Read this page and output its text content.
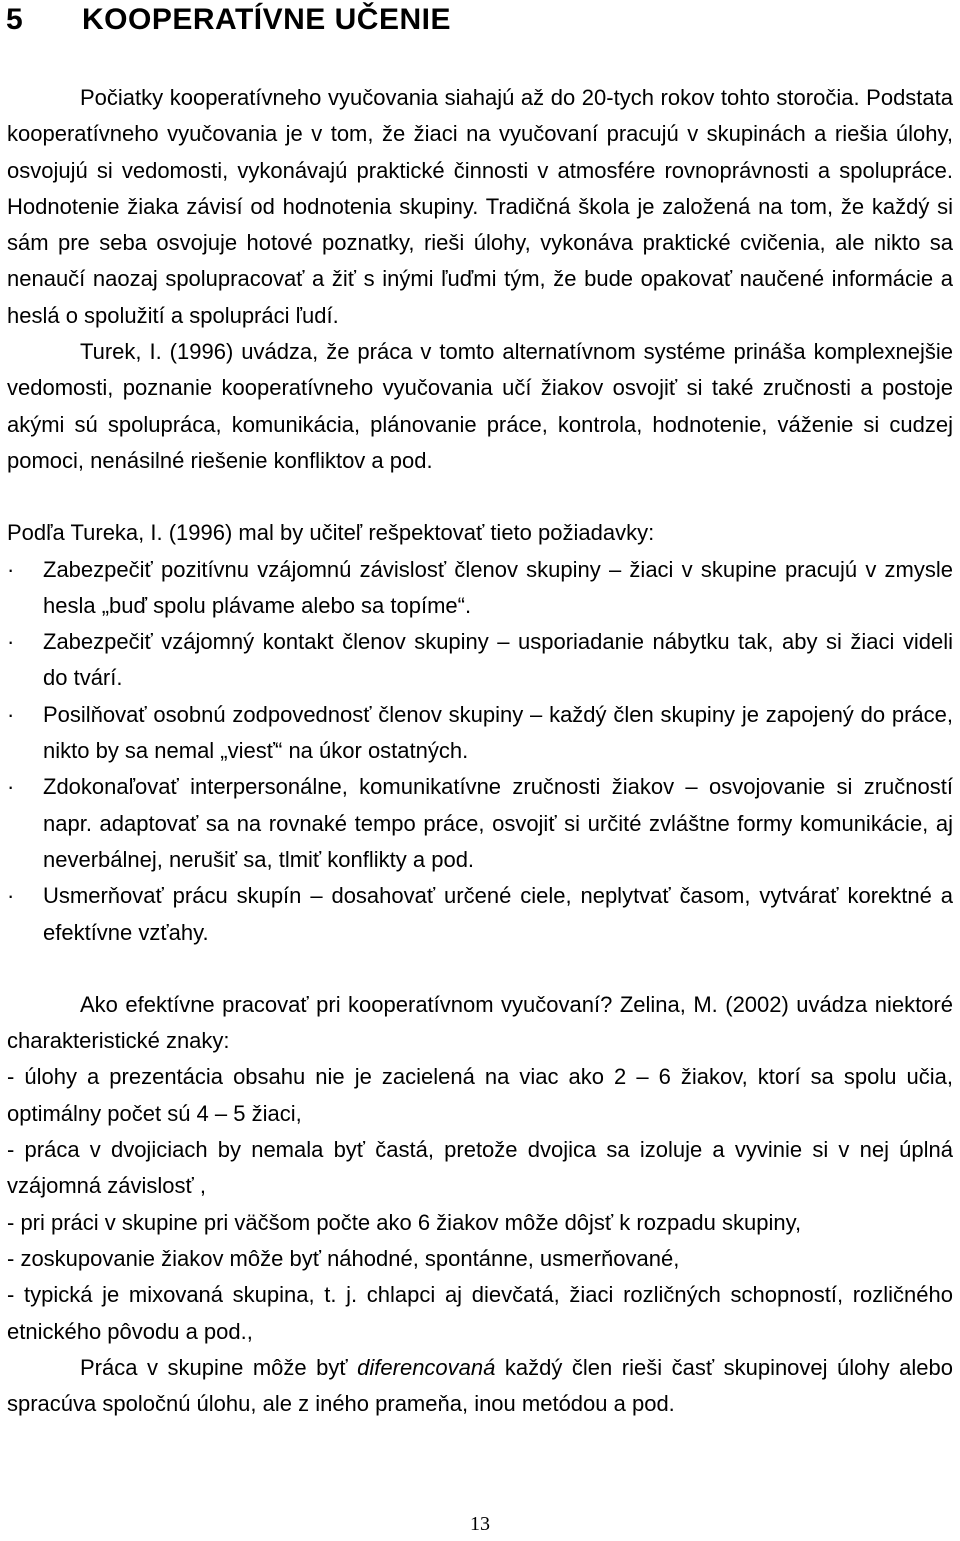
5 KOOPERATÍVNE UČENIE

Počiatky kooperatívneho vyučovania siahajú až do 20-tych rokov tohto storočia. Podstata kooperatívneho vyučovania je v tom, že žiaci na vyučovaní pracujú v skupinách a riešia úlohy, osvojujú si vedomosti, vykonávajú praktické činnosti v atmosfére rovnoprávnosti a spolupráce. Hodnotenie žiaka závisí od hodnotenia skupiny. Tradičná škola je založená na tom, že každý si sám pre seba osvojuje hotové poznatky, rieši úlohy, vykonáva praktické cvičenia, ale nikto sa nenaučí naozaj spolupracovať a žiť s inými ľuďmi tým, že bude opakovať naučené informácie a heslá o spolužití a spolupráci ľudí.

Turek, I. (1996) uvádza, že práca v tomto alternatívnom systéme prináša komplexnejšie vedomosti, poznanie kooperatívneho vyučovania učí žiakov osvojiť si také zručnosti a postoje akými sú spolupráca, komunikácia, plánovanie práce, kontrola, hodnotenie, váženie si cudzej pomoci, nenásilné riešenie konfliktov a pod.

Podľa Tureka, I. (1996) mal by učiteľ rešpektovať tieto požiadavky:

·	Zabezpečiť pozitívnu vzájomnú závislosť členov skupiny – žiaci v skupine pracujú v zmysle hesla „buď spolu plávame alebo sa topíme“.
·	Zabezpečiť vzájomný kontakt členov skupiny – usporiadanie nábytku tak, aby si žiaci videli do tvárí.
·	Posilňovať osobnú zodpovednosť členov skupiny – každý člen skupiny je zapojený do práce, nikto by sa nemal „viesť“ na úkor ostatných.
·	Zdokonaľovať interpersonálne, komunikatívne zručnosti žiakov – osvojovanie si zručností napr. adaptovať sa na rovnaké tempo práce, osvojiť si určité zvláštne formy komunikácie, aj neverbálnej, nerušiť sa, tlmiť konflikty a pod.
·	Usmerňovať prácu skupín – dosahovať určené ciele, neplytvať časom, vytvárať korektné a efektívne vzťahy.

Ako efektívne pracovať pri kooperatívnom vyučovaní? Zelina, M. (2002) uvádza niektoré charakteristické znaky:

- úlohy a prezentácia obsahu nie je zacielená na viac ako 2 – 6 žiakov, ktorí sa spolu učia, optimálny počet sú 4 – 5 žiaci,

- práca v dvojiciach by nemala byť častá, pretože dvojica sa izoluje a vyvinie si v nej úplná vzájomná závislosť ,

- pri práci v skupine pri väčšom počte ako 6 žiakov môže dôjsť k rozpadu skupiny,

- zoskupovanie žiakov môže byť náhodné, spontánne, usmerňované,

- typická je mixovaná skupina, t. j. chlapci aj dievčatá, žiaci rozličných schopností, rozličného etnického pôvodu a pod.,

Práca v skupine môže byť diferencovaná každý člen rieši časť skupinovej úlohy alebo spracúva spoločnú úlohu, ale z iného prameňa, inou metódou a pod.

13
